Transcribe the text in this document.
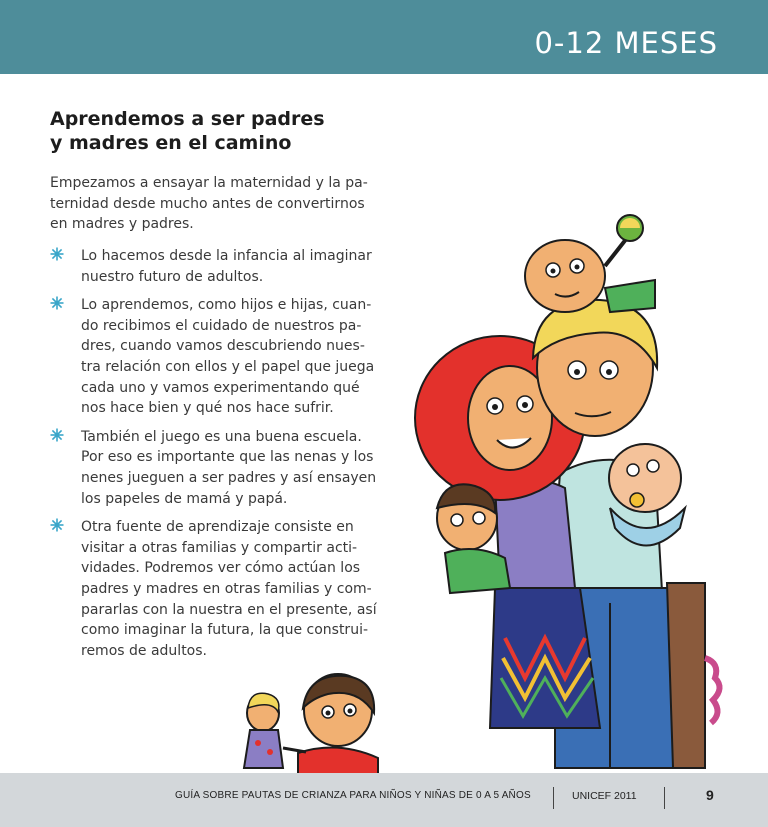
0-12 MESES
Aprendemos a ser padres
y madres en el camino
Empezamos a ensayar la maternidad y la pa-
ternidad desde mucho antes de convertirnos
en madres y padres.
Lo hacemos desde la infancia al imaginar
nuestro futuro de adultos.
Lo aprendemos, como hijos e hijas, cuan-
do recibimos el cuidado de nuestros pa-
dres, cuando vamos descubriendo nues-
tra relación con ellos y el papel que juega
cada uno y vamos experimentando qué
nos hace bien y qué nos hace sufrir.
También el juego es una buena escuela.
Por eso es importante que las nenas y los
nenes jueguen a ser padres y así ensayen
los papeles de mamá y papá.
Otra fuente de aprendizaje consiste en
visitar a otras familias y compartir acti-
vidades. Podremos ver cómo actúan los
padres y madres en otras familias y com-
pararlas con la nuestra en el presente, así
como imaginar la futura, la que construi-
remos de adultos.
GUÍA SOBRE PAUTAS DE CRIANZA PARA NIÑOS Y NIÑAS DE 0 A 5 AÑOS	UNICEF 2011	9
